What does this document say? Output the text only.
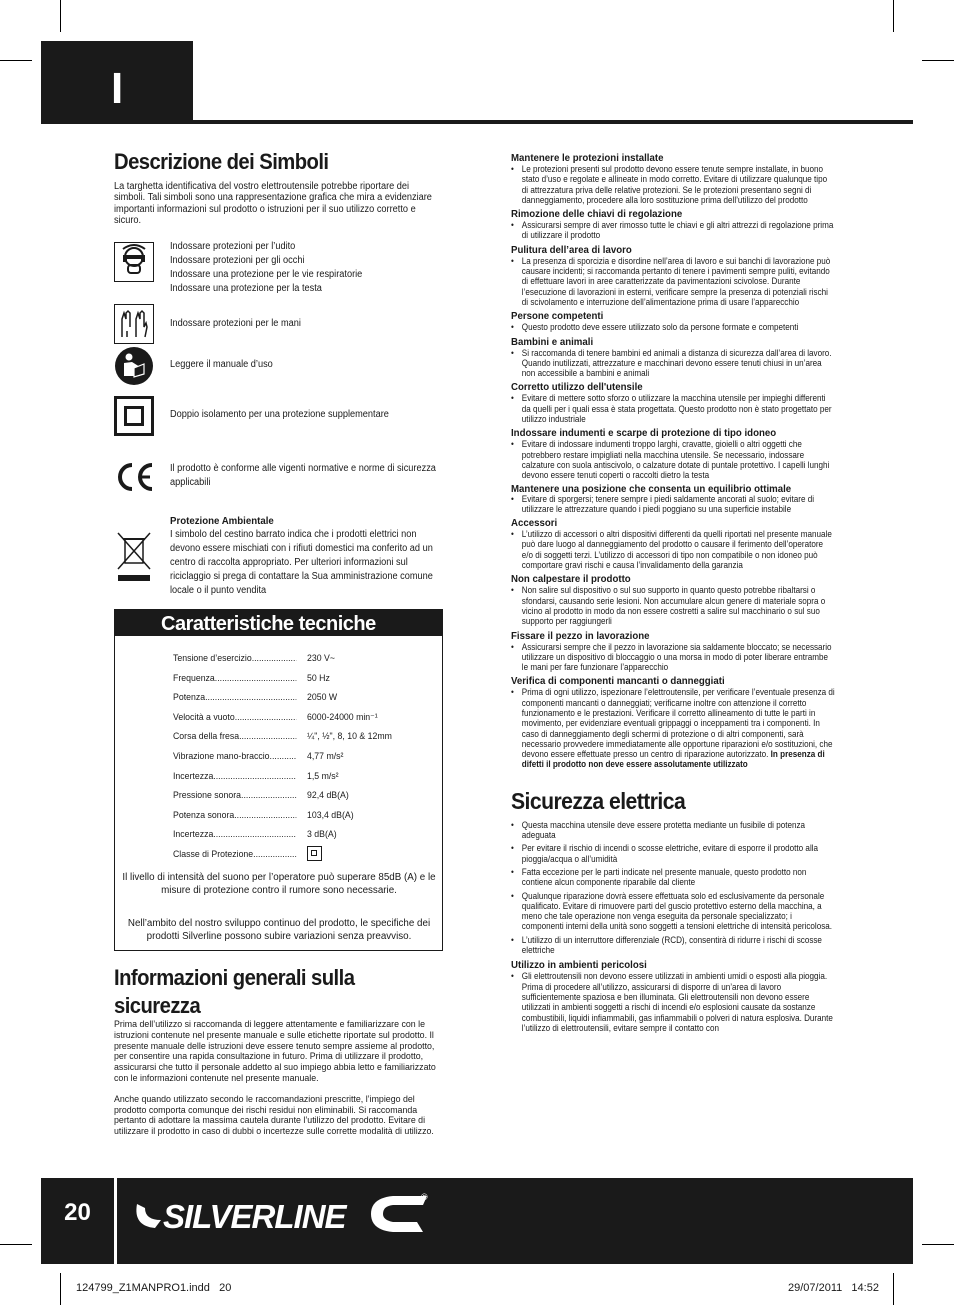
I
Descrizione dei Simboli

La targhetta identificativa del vostro elettroutensile potrebbe riportare dei simboli. Tali simboli sono una rappresentazione grafica che mira a evidenziare importanti informazioni sul prodotto o istruzioni per il suo utilizzo corretto e sicuro.

Indossare protezioni per l’udito
Indossare protezioni per gli occhi
Indossare una protezione per le vie respiratorie
Indossare una protezione per la testa
Indossare protezioni per le mani
Leggere il manuale d’uso
Doppio isolamento per una protezione supplementare
Il prodotto è conforme alle vigenti normative e norme di sicurezza applicabili
Protezione Ambientale
I simbolo del cestino barrato indica che i prodotti elettrici non devono essere mischiati con i rifiuti domestici ma conferito ad un centro di raccolta appropriato. Per ulteriori informazioni sul riciclaggio si prega di contattare la Sua amministrazione comune locale o il punto vendita
Caratteristiche tecniche
Tensione d’esercizio .....	230 V~
Frequenza .....	50 Hz
Potenza .....	2050 W
Velocità a vuoto .....	6000-24000 min⁻¹
Corsa della fresa .....	¼", ½", 8, 10 & 12mm
Vibrazione mano-braccio .....	4,77 m/s²
Incertezza .....	1,5 m/s²
Pressione sonora .....	92,4 dB(A)
Potenza sonora .....	103,4 dB(A)
Incertezza .....	3 dB(A)
Classe di Protezione .....
Il livello di intensità del suono per l’operatore può superare 85dB (A) e le misure di protezione contro il rumore sono necessarie.
Nell’ambito del nostro sviluppo continuo del prodotto, le specifiche dei prodotti Silverline possono subire variazioni senza preavviso.
Informazioni generali sulla
sicurezza

Prima dell’utilizzo si raccomanda di leggere attentamente e familiarizzare con le istruzioni contenute nel presente manuale e sulle etichette riportate sul prodotto. Il presente manuale delle istruzioni deve essere tenuto sempre assieme al prodotto, per consentire una rapida consultazione in futuro. Prima di utilizzare il prodotto, assicurarsi che tutto il personale addetto al suo impiego abbia letto e familiarizzato con le informazioni contenute nel presente manuale.

Anche quando utilizzato secondo le raccomandazioni prescritte, l’impiego del prodotto comporta comunque dei rischi residui non eliminabili. Si raccomanda pertanto di adottare la massima cautela durante l’utilizzo del prodotto. Evitare di utilizzare il prodotto in caso di dubbi o incertezze sulle corrette modalità di utilizzo.

Mantenere le protezioni installate
• Le protezioni presenti sul prodotto devono essere tenute sempre installate, in buono stato d’uso e regolate e allineate in modo corretto. Evitare di utilizzare qualunque tipo di attrezzatura priva delle relative protezioni. Se le protezioni presentano segni di danneggiamento, procedere alla loro sostituzione prima dell’utilizzo del prodotto
Rimozione delle chiavi di regolazione
• Assicurarsi sempre di aver rimosso tutte le chiavi e gli altri attrezzi di regolazione prima di utilizzare il prodotto
Pulitura dell’area di lavoro
• La presenza di sporcizia e disordine nell’area di lavoro e sui banchi di lavorazione può causare incidenti; si raccomanda pertanto di tenere i pavimenti sempre puliti, evitando di effettuare lavori in aree caratterizzate da pavimentazioni scivolose. Durante l’esecuzione di lavorazioni in esterni, verificare sempre la presenza di potenziali rischi di scivolamento e interruzione dell’alimentazione prima di usare l’apparecchio
Persone competenti
• Questo prodotto deve essere utilizzato solo da persone formate e competenti
Bambini e animali
• Si raccomanda di tenere bambini ed animali a distanza di sicurezza dall’area di lavoro. Quando inutilizzati, attrezzature e macchinari devono essere tenuti chiusi in un’area non accessibile a bambini e animali
Corretto utilizzo dell'utensile
• Evitare di mettere sotto sforzo o utilizzare la macchina utensile per impieghi differenti da quelli per i quali essa è stata progettata. Questo prodotto non è stato progettato per utilizzo industriale
Indossare indumenti e scarpe di protezione di tipo idoneo
• Evitare di indossare indumenti troppo larghi, cravatte, gioielli o altri oggetti che potrebbero restare impigliati nella macchina utensile. Se necessario, indossare calzature con suola antiscivolo, o calzature dotate di puntale protettivo. I capelli lunghi devono essere tenuti coperti o raccolti dietro la testa
Mantenere una posizione che consenta un equilibrio ottimale
• Evitare di sporgersi; tenere sempre i piedi saldamente ancorati al suolo; evitare di utilizzare le attrezzature quando i piedi poggiano su una superficie instabile
Accessori
• L’utilizzo di accessori o altri dispositivi differenti da quelli riportati nel presente manuale può dare luogo al danneggiamento del prodotto o causare il ferimento dell’operatore e/o di soggetti terzi. L’utilizzo di accessori di tipo non compatibile o non idoneo può comportare gravi rischi e causa l’invalidamento della garanzia
Non calpestare il prodotto
• Non salire sul dispositivo o sul suo supporto in quanto questo potrebbe ribaltarsi o sfondarsi, causando serie lesioni. Non accumulare alcun genere di materiale sopra o vicino al prodotto in modo da non essere costretti a salire sul macchinario o sul suo supporto per raggiungerli
Fissare il pezzo in lavorazione
• Assicurarsi sempre che il pezzo in lavorazione sia saldamente bloccato; se necessario utilizzare un dispositivo di bloccaggio o una morsa in modo di poter liberare entrambe le mani per fare funzionare l’apparecchio
Verifica di componenti mancanti o danneggiati
• Prima di ogni utilizzo, ispezionare l’elettroutensile, per verificare l’eventuale presenza di componenti mancanti o danneggiati; verificarne inoltre con attenzione il corretto funzionamento e le prestazioni. Verificare il corretto allineamento di tutte le parti in movimento, per evidenziare eventuali grippaggi o inceppamenti tra i componenti. In caso di danneggiamento degli schermi di protezione o di altri componenti, sarà necessario provvedere immediatamente alle opportune riparazioni e/o sostituzioni, che devono essere effettuate presso un centro di riparazione autorizzato. In presenza di difetti il prodotto non deve essere assolutamente utilizzato
Sicurezza elettrica
• Questa macchina utensile deve essere protetta mediante un fusibile di potenza adeguata
• Per evitare il rischio di incendi o scosse elettriche, evitare di esporre il prodotto alla pioggia/acqua o all’umidità
• Fatta eccezione per le parti indicate nel presente manuale, questo prodotto non contiene alcun componente riparabile dal cliente
• Qualunque riparazione dovrà essere effettuata solo ed esclusivamente da personale qualificato. Evitare di rimuovere parti del guscio protettivo esterno della macchina, a meno che tale operazione non venga eseguita da personale specializzato; i componenti interni della unità sono soggetti a tensioni elettriche di intensità pericolosa.
• L’utilizzo di un interruttore differenziale (RCD), consentirà di ridurre i rischi di scosse elettriche
Utilizzo in ambienti pericolosi
• Gli elettroutensili non devono essere utilizzati in ambienti umidi o esposti alla pioggia. Prima di procedere all’utilizzo, assicurarsi di disporre di un’area di lavoro sufficientemente spaziosa e ben illuminata. Gli elettroutensili non devono essere utilizzati in ambienti soggetti a rischi di incendi e/o esplosioni causate da sostanze combustibili, liquidi infiammabili, gas infiammabili o polveri di natura esplosiva. Durante l’utilizzo di elettroutensili, evitare sempre il contatto con
20	SILVERLINE
®
124799_Z1MANPRO1.indd   20	29/07/2011   14:52
